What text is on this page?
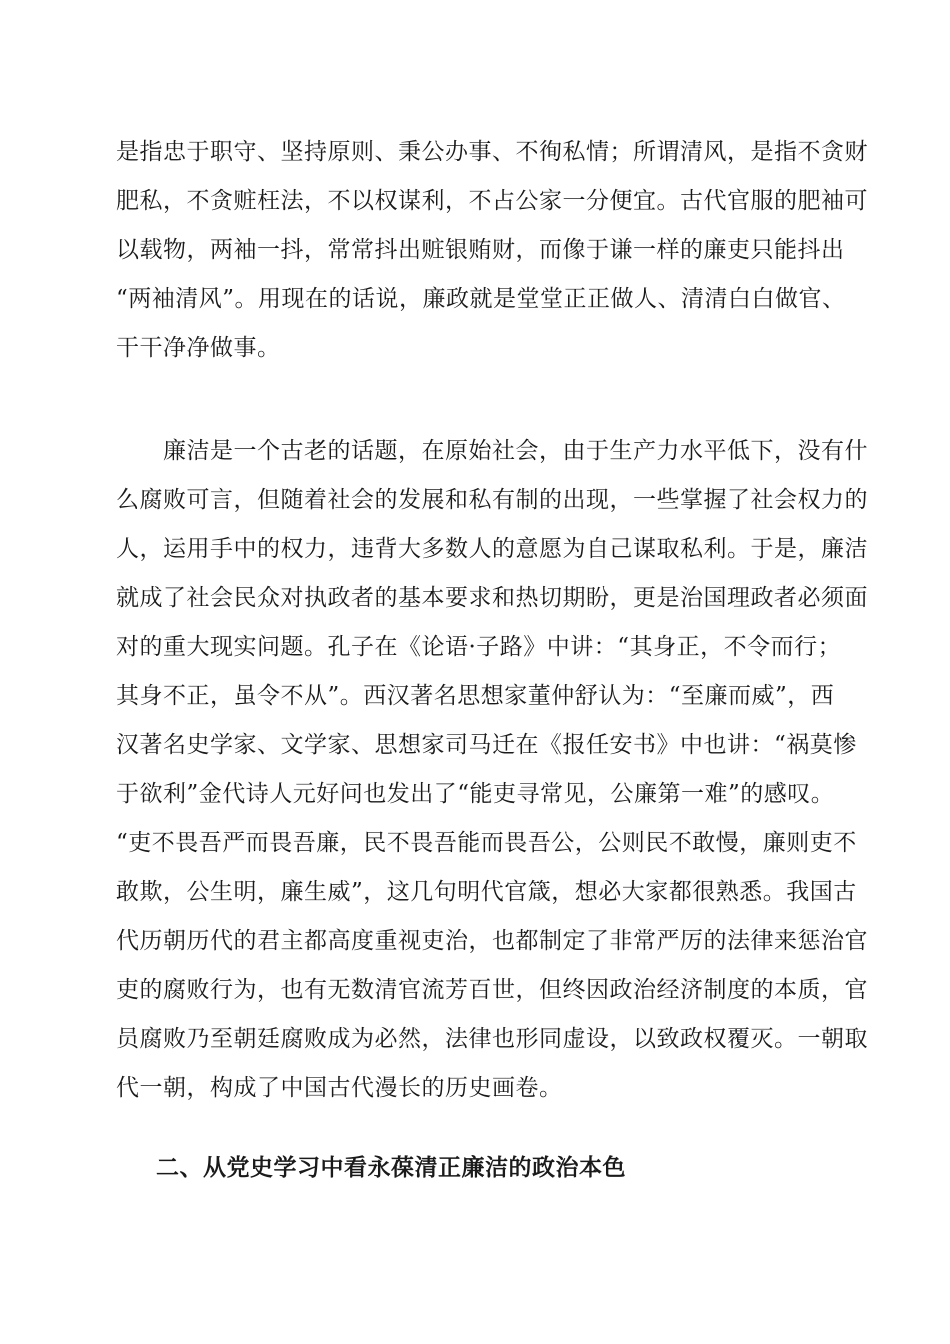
是指忠于职守、坚持原则、秉公办事、不徇私情；所谓清风，是指不贪财
肥私，不贪赃枉法，不以权谋利，不占公家一分便宜。古代官服的肥袖可
以载物，两袖一抖，常常抖出赃银贿财，而像于谦一样的廉吏只能抖出
“两袖清风”。用现在的话说，廉政就是堂堂正正做人、清清白白做官、
干干净净做事。
　　廉洁是一个古老的话题，在原始社会，由于生产力水平低下，没有什
么腐败可言，但随着社会的发展和私有制的出现，一些掌握了社会权力的
人，运用手中的权力，违背大多数人的意愿为自己谋取私利。于是，廉洁
就成了社会民众对执政者的基本要求和热切期盼，更是治国理政者必须面
对的重大现实问题。孔子在《论语·子路》中讲：“其身正，不令而行；
其身不正，虽令不从”。西汉著名思想家董仲舒认为：“至廉而威”，西
汉著名史学家、文学家、思想家司马迁在《报任安书》中也讲：“祸莫惨
于欲利”金代诗人元好问也发出了“能吏寻常见，公廉第一难”的感叹。
“吏不畏吾严而畏吾廉，民不畏吾能而畏吾公，公则民不敢慢，廉则吏不
敢欺，公生明，廉生威”，这几句明代官箴，想必大家都很熟悉。我国古
代历朝历代的君主都高度重视吏治，也都制定了非常严厉的法律来惩治官
吏的腐败行为，也有无数清官流芳百世，但终因政治经济制度的本质，官
员腐败乃至朝廷腐败成为必然，法律也形同虚设，以致政权覆灭。一朝取
代一朝，构成了中国古代漫长的历史画卷。
二、从党史学习中看永葆清正廉洁的政治本色
